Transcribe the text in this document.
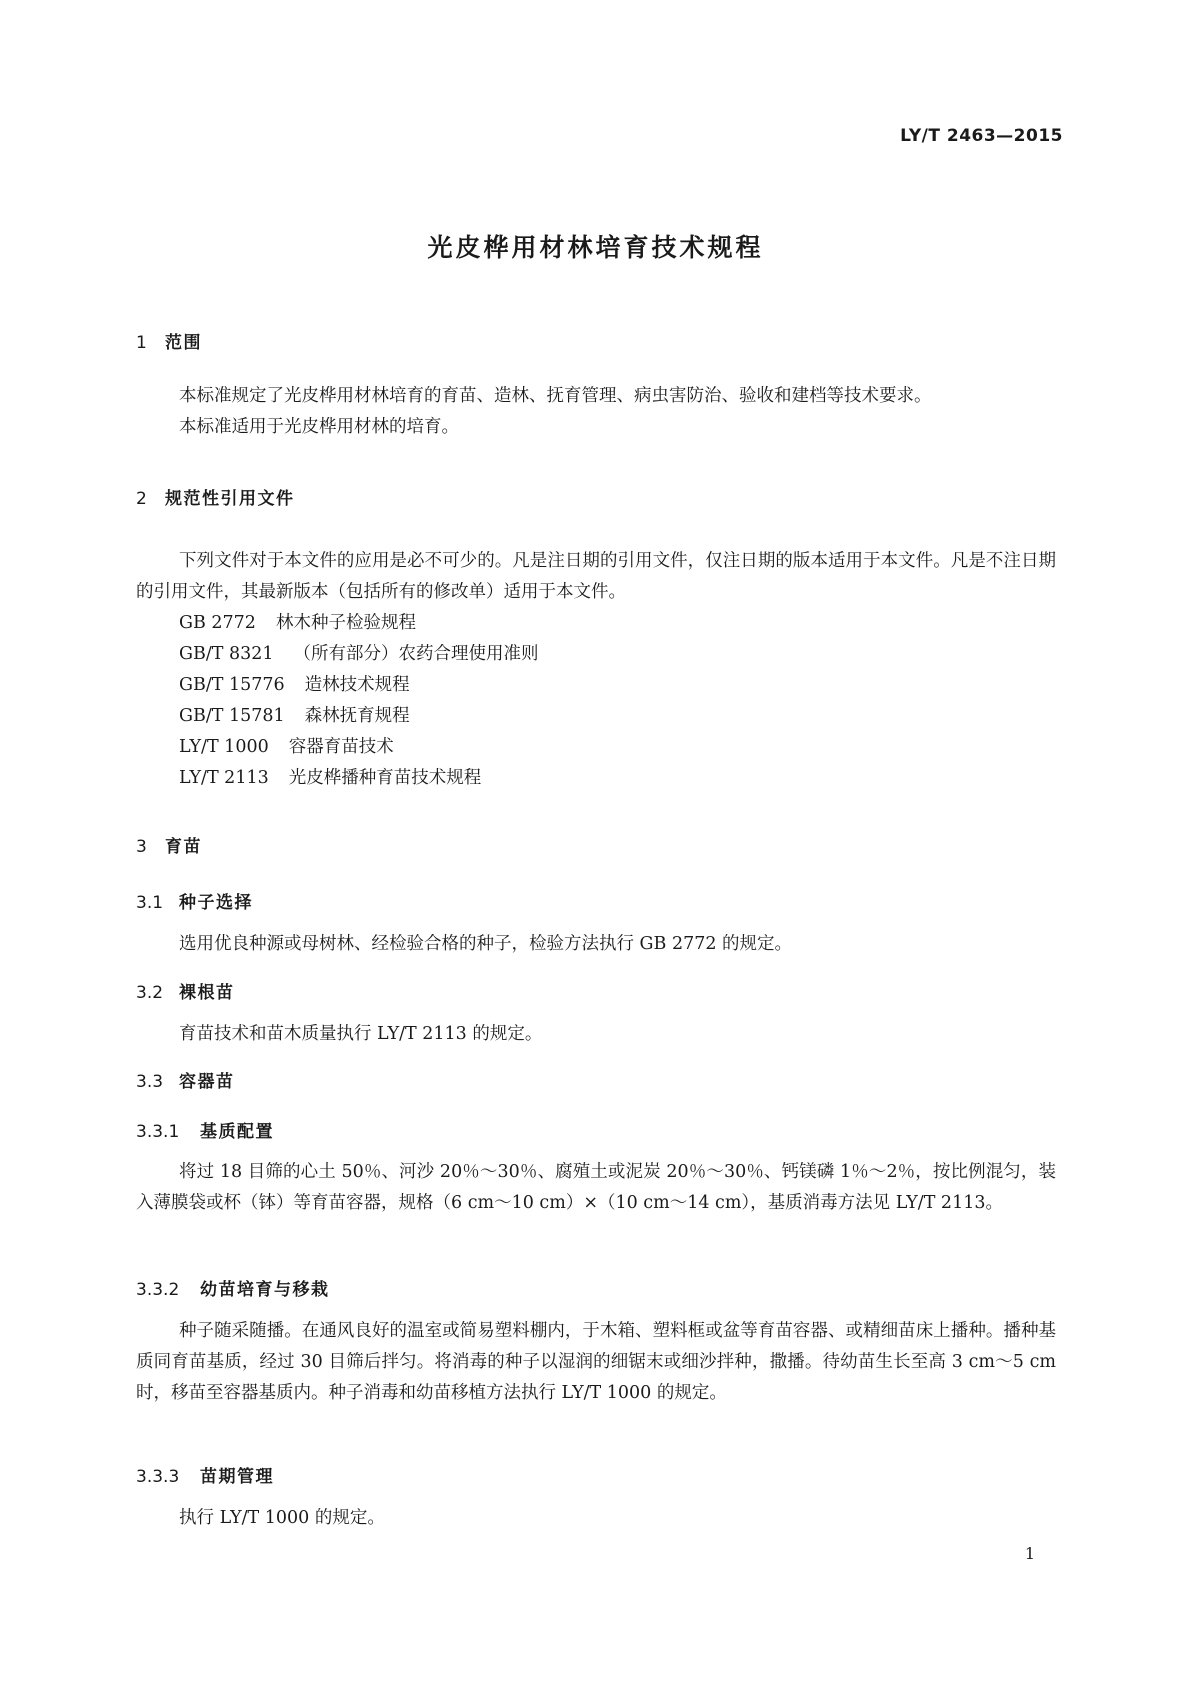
LY/T 2463—2015
光皮桦用材林培育技术规程
1 范围
本标准规定了光皮桦用材林培育的育苗、造林、抚育管理、病虫害防治、验收和建档等技术要求。
本标准适用于光皮桦用材林的培育。
2 规范性引用文件
下列文件对于本文件的应用是必不可少的。凡是注日期的引用文件，仅注日期的版本适用于本文件。凡是不注日期的引用文件，其最新版本（包括所有的修改单）适用于本文件。
GB 2772 林木种子检验规程
GB/T 8321 （所有部分）农药合理使用准则
GB/T 15776 造林技术规程
GB/T 15781 森林抚育规程
LY/T 1000 容器育苗技术
LY/T 2113 光皮桦播种育苗技术规程
3 育苗
3.1 种子选择
选用优良种源或母树林、经检验合格的种子，检验方法执行 GB 2772 的规定。
3.2 裸根苗
育苗技术和苗木质量执行 LY/T 2113 的规定。
3.3 容器苗
3.3.1 基质配置
将过 18 目筛的心土 50％、河沙 20％～30％、腐殖土或泥炭 20％～30％、钙镁磷 1％～2％，按比例混匀，装入薄膜袋或杯（钵）等育苗容器，规格（6 cm～10 cm）×（10 cm～14 cm），基质消毒方法见 LY/T 2113。
3.3.2 幼苗培育与移栽
种子随采随播。在通风良好的温室或简易塑料棚内，于木箱、塑料框或盆等育苗容器、或精细苗床上播种。播种基质同育苗基质，经过 30 目筛后拌匀。将消毒的种子以湿润的细锯末或细沙拌种，撒播。待幼苗生长至高 3 cm～5 cm 时，移苗至容器基质内。种子消毒和幼苗移植方法执行 LY/T 1000 的规定。
3.3.3 苗期管理
执行 LY/T 1000 的规定。
1
